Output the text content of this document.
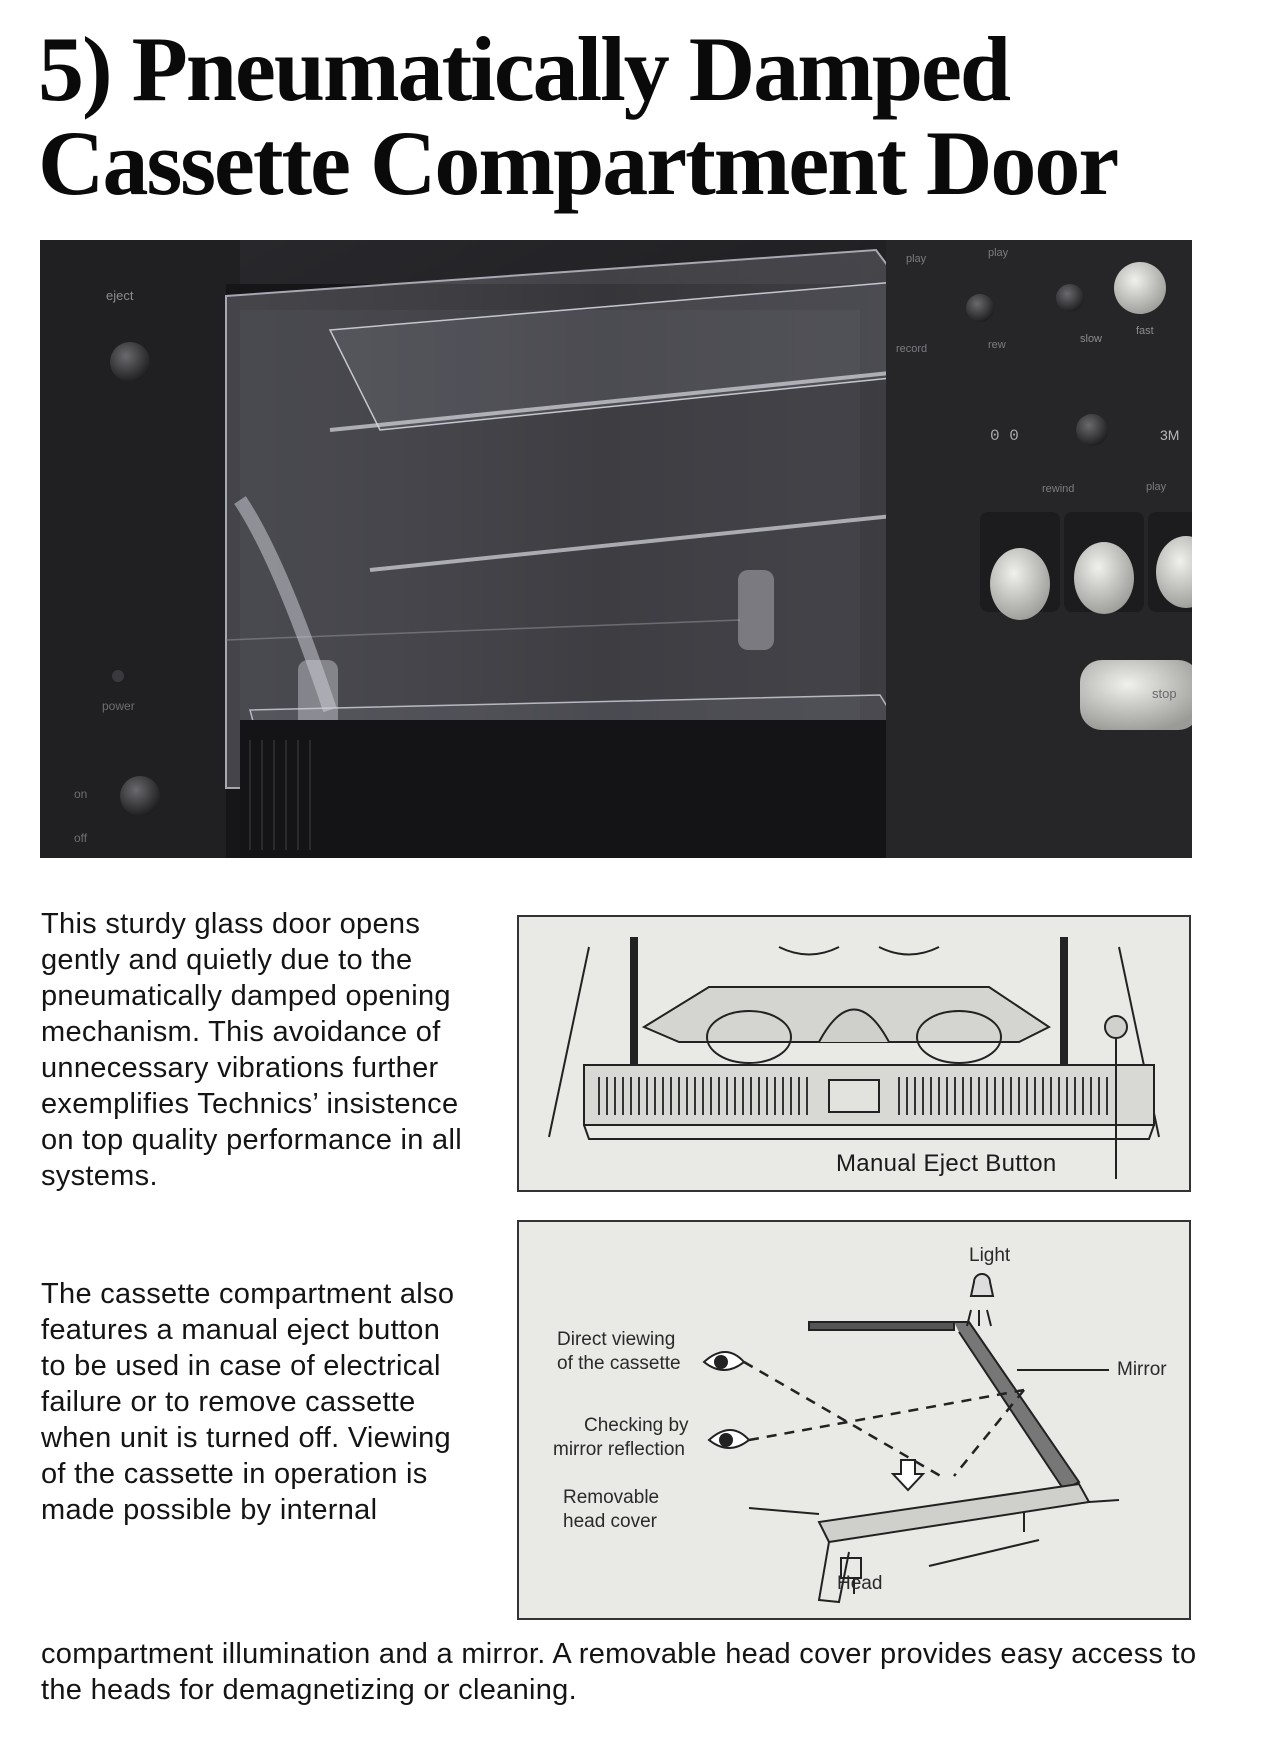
5) Pneumatically Damped
Cassette Compartment Door
eject
power
on
off
play
record
play
rew	slow
fast
0 0	3M
rewind	play
stop

This sturdy glass door opens gently and quietly due to the pneumatically damped opening mechanism. This avoidance of unnecessary vibrations further exemplifies Technics’ insistence on top quality performance in all systems.

The cassette compartment also features a manual eject button to be used in case of electrical failure or to remove cassette when unit is turned off. Viewing of the cassette in operation is made possible by internal

compartment illumination and a mirror. A removable head cover provides easy access to the heads for demagnetizing or cleaning.

Manual Eject Button

Light

Mirror

Direct viewing

of the cassette

Checking by

mirror reflection

Removable

head cover

Head
